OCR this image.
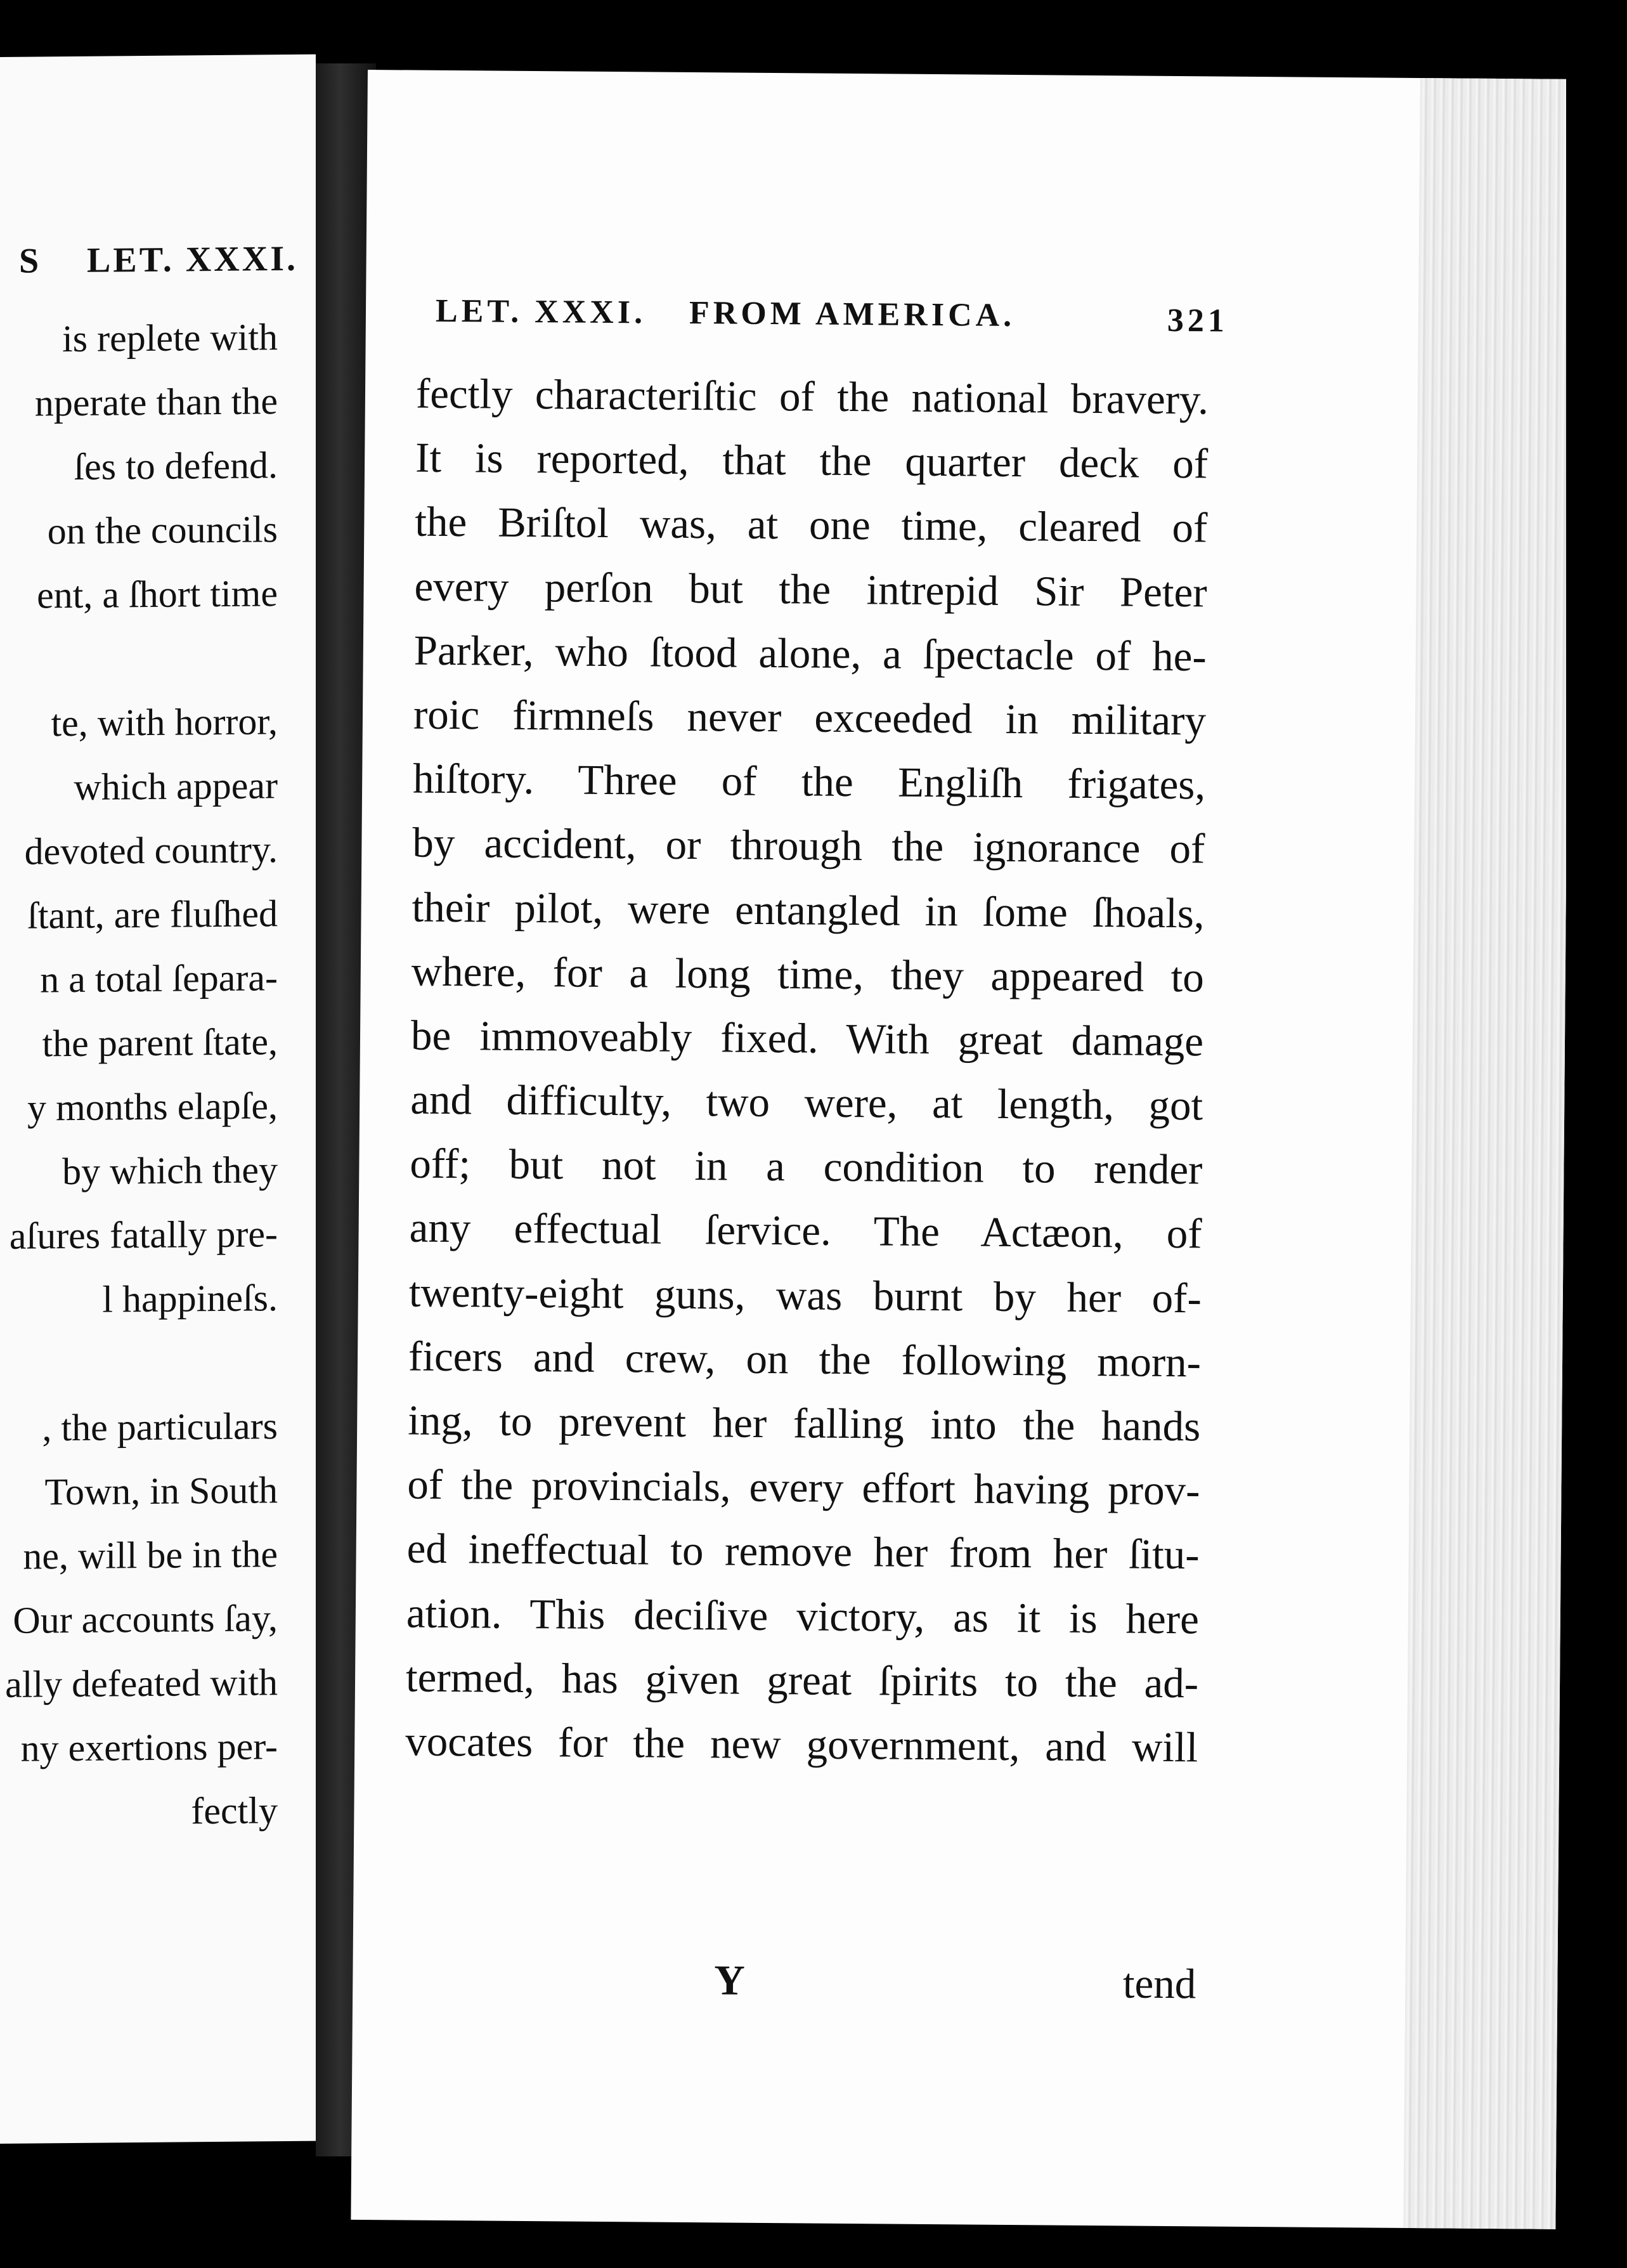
S LET. XXXI.
is replete with
nperate than the
ſes to defend.
on the councils
ent, a ſhort time
te, with horror,
which appear
devoted country.
ſtant, are fluſhed
n a total ſepara-
the parent ſtate,
y months elapſe,
by which they
aſures fatally pre-
l happineſs.
, the particulars
Town, in South
ne, will be in the
Our accounts ſay,
ally defeated with
ny exertions per-
fectly
LET. XXXI. FROM AMERICA.	321
fectly characteriſtic of the national bravery.
It is reported, that the quarter deck of
the Briſtol was, at one time, cleared of
every perſon but the intrepid Sir Peter
Parker, who ſtood alone, a ſpectacle of he-
roic firmneſs never exceeded in military
hiſtory. Three of the Engliſh frigates,
by accident, or through the ignorance of
their pilot, were entangled in ſome ſhoals,
where, for a long time, they appeared to
be immoveably fixed. With great damage
and difficulty, two were, at length, got
off; but not in a condition to render
any effectual ſervice. The Actæon, of
twenty-eight guns, was burnt by her of-
ficers and crew, on the following morn-
ing, to prevent her falling into the hands
of the provincials, every effort having prov-
ed ineffectual to remove her from her ſitu-
ation. This deciſive victory, as it is here
termed, has given great ſpirits to the ad-
vocates for the new government, and will
Y	tend
